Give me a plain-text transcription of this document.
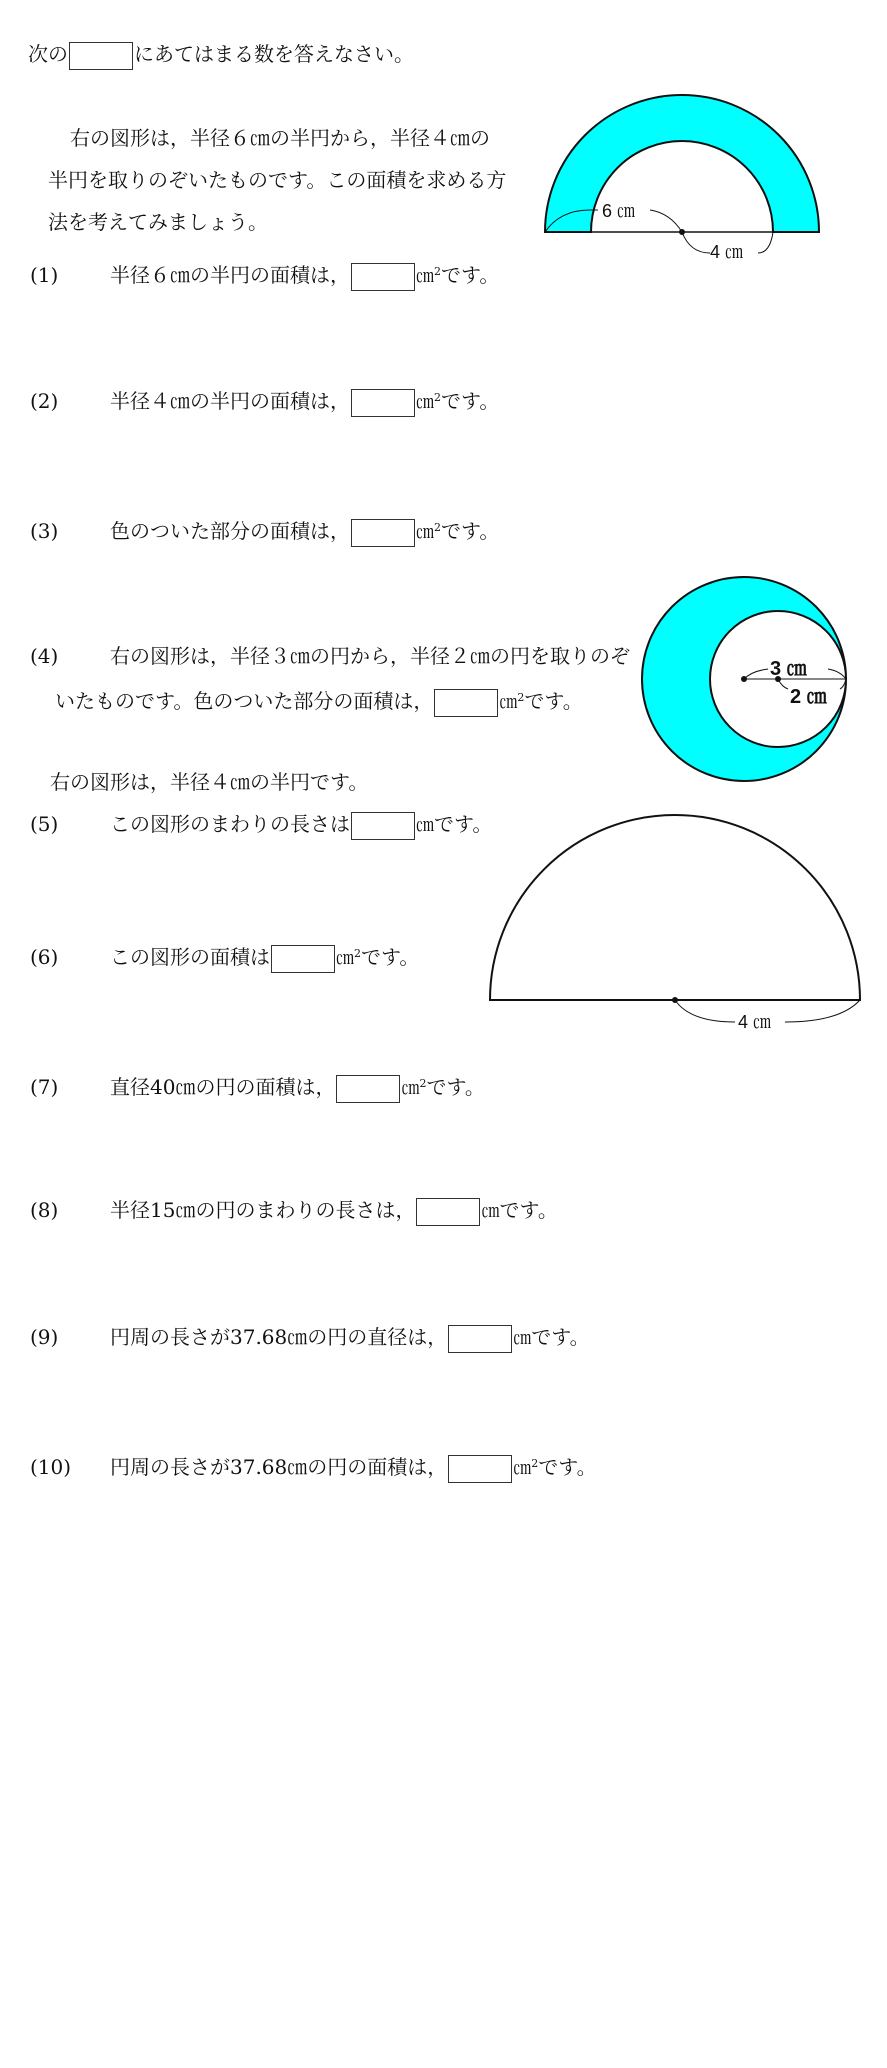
次の	にあてはまる数を答えなさい。
右の図形は，半径６㎝の半円から，半径４㎝の
半円を取りのぞいたものです。この面積を求める方
法を考えてみましょう。	6 ㎝
4 ㎝
(1)	半径６㎝の半円の面積は，	㎝$^2$です。
(2)	半径４㎝の半円の面積は，	㎝$^2$です。
(3)	色のついた部分の面積は，	㎝$^2$です。
3 ㎝
2 ㎝
(4)	右の図形は，半径３㎝の円から，半径２㎝の円を取りのぞ
いたものです。色のついた部分の面積は，	㎝$^2$です。
右の図形は，半径４㎝の半円です。
(5)	この図形のまわりの長さは	㎝です。
4 ㎝
(6)	この図形の面積は	㎝$^2$です。
(7)	直径40㎝の円の面積は，	㎝$^2$です。
(8)	半径15㎝の円のまわりの長さは，	㎝です。
(9)	円周の長さが37.68㎝の円の直径は，	㎝です。
(10) 円周の長さが37.68㎝の円の面積は，	㎝$^2$です。
